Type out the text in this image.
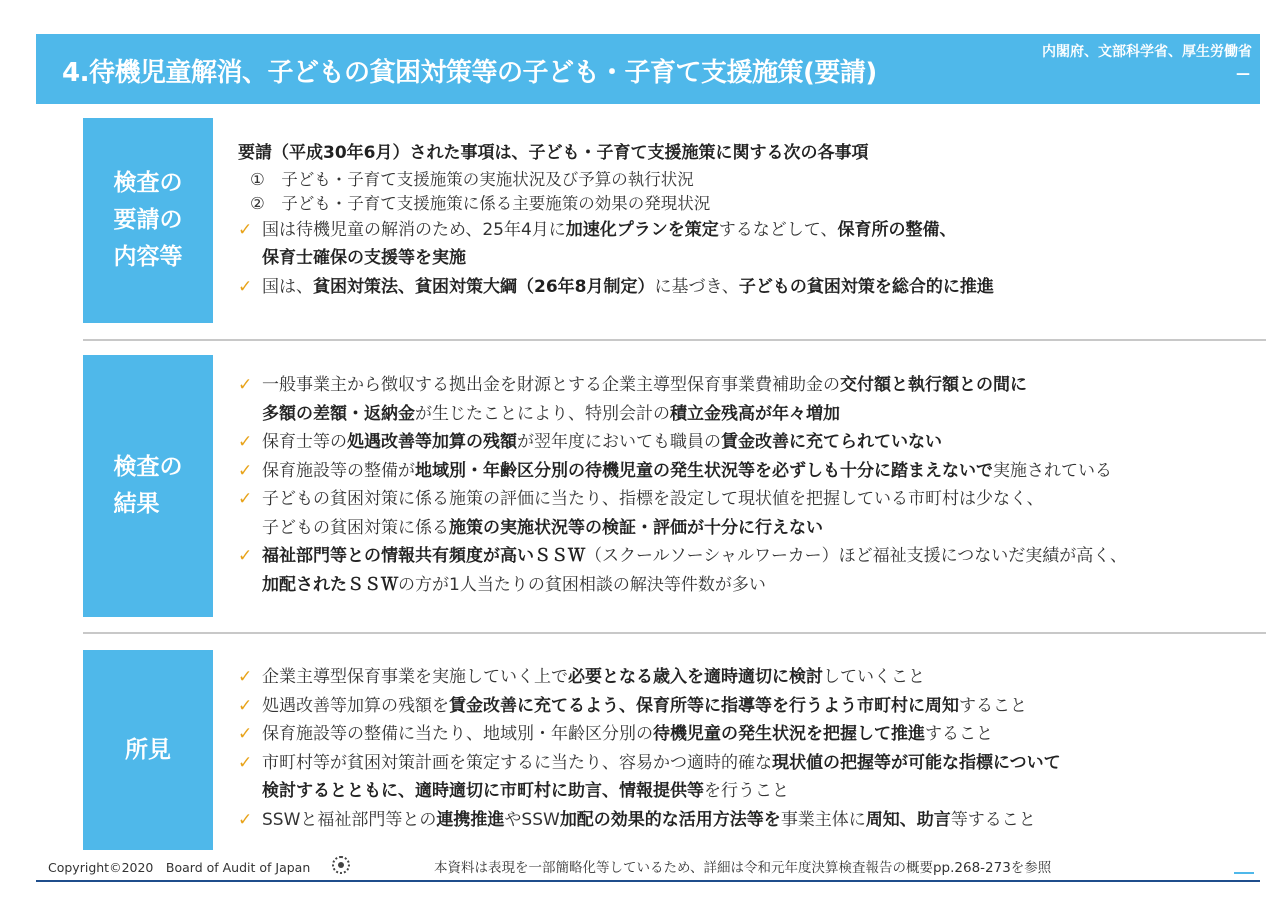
4.待機児童解消、子どもの貧困対策等の子ども・子育て支援施策(要請)
内閣府、文部科学省、厚生労働省
—
検査の
要請の
内容等
要請（平成30年6月）された事項は、子ども・子育て支援施策に関する次の各事項
①　子ども・子育て支援施策の実施状況及び予算の執行状況
②　子ども・子育て支援施策に係る主要施策の効果の発現状況
✓ 国は待機児童の解消のため、25年4月に加速化プランを策定するなどして、保育所の整備、
保育士確保の支援等を実施
✓ 国は、貧困対策法、貧困対策大綱（26年8月制定）に基づき、子どもの貧困対策を総合的に推進
検査の
結果
✓ 一般事業主から徴収する拠出金を財源とする企業主導型保育事業費補助金の交付額と執行額との間に
多額の差額・返納金が生じたことにより、特別会計の積立金残高が年々増加
✓ 保育士等の処遇改善等加算の残額が翌年度においても職員の賃金改善に充てられていない
✓ 保育施設等の整備が地域別・年齢区分別の待機児童の発生状況等を必ずしも十分に踏まえないで実施されている
✓ 子どもの貧困対策に係る施策の評価に当たり、指標を設定して現状値を把握している市町村は少なく、
子どもの貧困対策に係る施策の実施状況等の検証・評価が十分に行えない
✓ 福祉部門等との情報共有頻度が高いＳＳＷ（スクールソーシャルワーカー）ほど福祉支援につないだ実績が高く、
加配されたＳＳＷの方が1人当たりの貧困相談の解決等件数が多い
所見
✓ 企業主導型保育事業を実施していく上で必要となる歳入を適時適切に検討していくこと
✓ 処遇改善等加算の残額を賃金改善に充てるよう、保育所等に指導等を行うよう市町村に周知すること
✓ 保育施設等の整備に当たり、地域別・年齢区分別の待機児童の発生状況を把握して推進すること
✓ 市町村等が貧困対策計画を策定するに当たり、容易かつ適時的確な現状値の把握等が可能な指標について
検討するとともに、適時適切に市町村に助言、情報提供等を行うこと
✓ SSWと福祉部門等との連携推進やSSW加配の効果的な活用方法等を事業主体に周知、助言等すること
Copyright©2020　Board of Audit of Japan	本資料は表現を一部簡略化等しているため、詳細は令和元年度決算検査報告の概要pp.268-273を参照
